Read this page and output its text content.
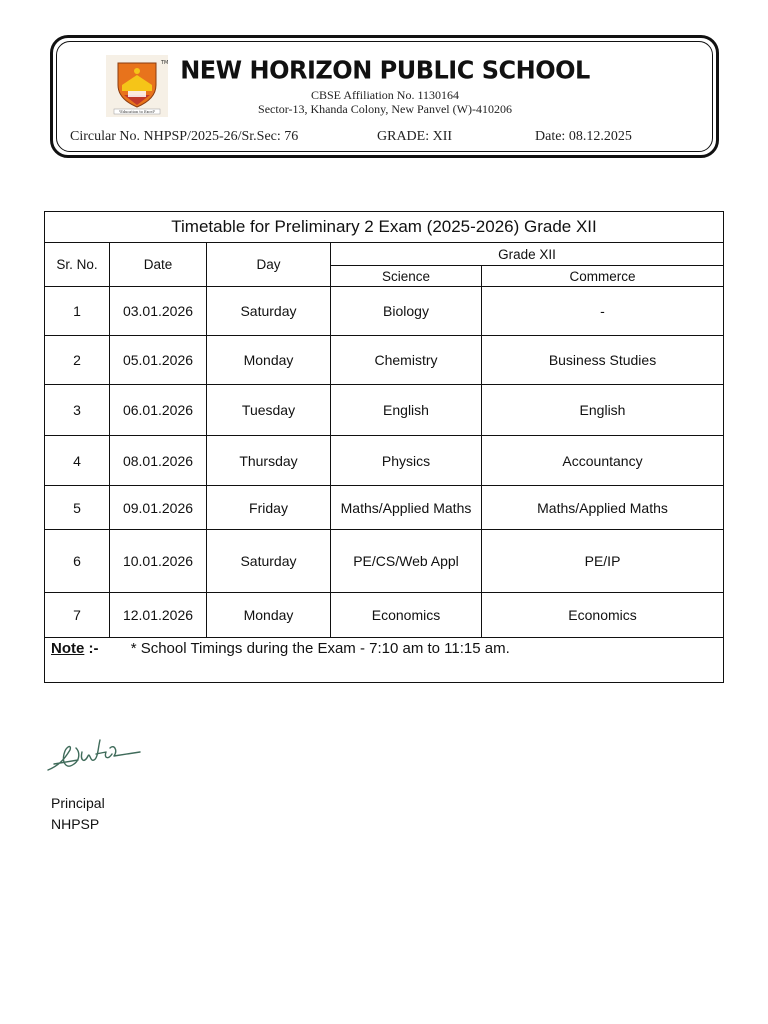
"Education to Excel"
TM NEW HORIZON PUBLIC SCHOOL
CBSE Affiliation No. 1130164
Sector-13, Khanda Colony, New Panvel (W)-410206
Circular No. NHPSP/2025-26/Sr.Sec: 76	GRADE: XII	Date: 08.12.2025
Timetable for Preliminary 2 Exam (2025-2026) Grade XII				
Sr. No.	Date	Day	Grade XII	
			Science	Commerce
1	03.01.2026	Saturday	Biology	-
2	05.01.2026	Monday	Chemistry	Business Studies
3	06.01.2026	Tuesday	English	English
4	08.01.2026	Thursday	Physics	Accountancy
5	09.01.2026	Friday	Maths/Applied Maths	Maths/Applied Maths
6	10.01.2026	Saturday	PE/CS/Web Appl	PE/IP
7	12.01.2026	Monday	Economics	Economics
Note :- * School Timings during the Exam - 7:10 am to 11:15 am.				
Principal
NHPSP
